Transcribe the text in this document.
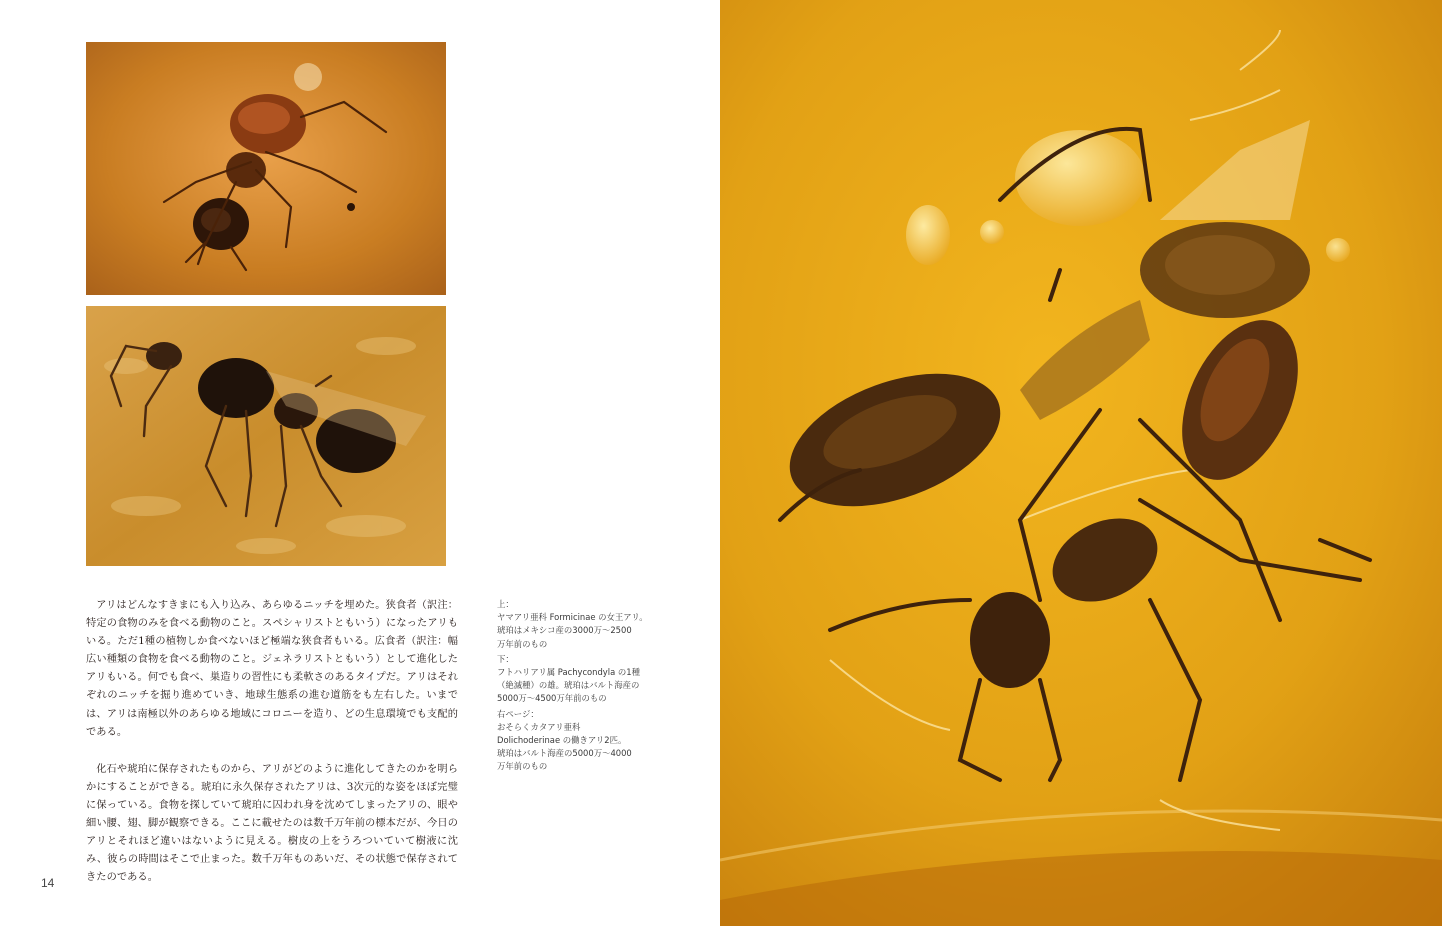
アリはどんなすきまにも入り込み、あらゆるニッチを埋めた。狭食者（訳注：特定の食物のみを食べる動物のこと。スペシャリストともいう）になったアリもいる。ただ1種の植物しか食べないほど極端な狭食者もいる。広食者（訳注：幅広い種類の食物を食べる動物のこと。ジェネラリストともいう）として進化したアリもいる。何でも食べ、巣造りの習性にも柔軟さのあるタイプだ。アリはそれぞれのニッチを掘り進めていき、地球生態系の進む道筋をも左右した。いまでは、アリは南極以外のあらゆる地域にコロニーを造り、どの生息環境でも支配的である。

化石や琥珀に保存されたものから、アリがどのように進化してきたのかを明らかにすることができる。琥珀に永久保存されたアリは、3次元的な姿をほぼ完璧に保っている。食物を探していて琥珀に囚われ身を沈めてしまったアリの、眼や細い腰、翅、脚が観察できる。ここに載せたのは数千万年前の標本だが、今日のアリとそれほど違いはないように見える。樹皮の上をうろついていて樹液に沈み、彼らの時間はそこで止まった。数千万年ものあいだ、その状態で保存されてきたのである。

上：
ヤマアリ亜科 Formicinae の女王アリ。
琥珀はメキシコ産の3000万〜2500
万年前のもの
下：
フトハリアリ属 Pachycondyla の1種
（絶滅種）の雄。琥珀はバルト海産の
5000万〜4500万年前のもの
右ページ：
おそらくカタアリ亜科
Dolichoderinae の働きアリ2匹。
琥珀はバルト海産の5000万〜4000
万年前のもの
14
